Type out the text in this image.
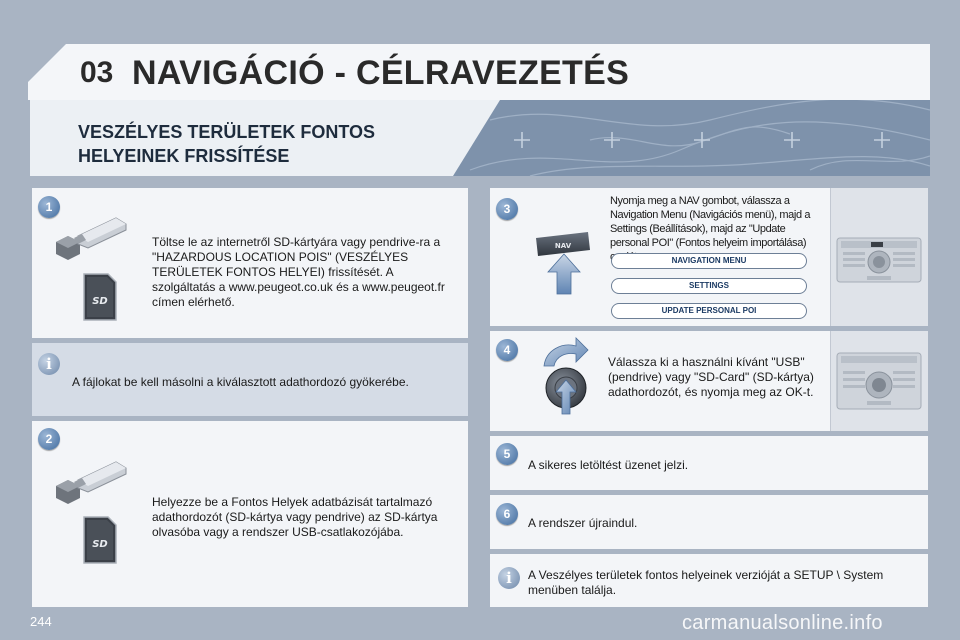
03 NAVIGÁCIÓ - CÉLRAVEZETÉS
VESZÉLYES TERÜLETEK FONTOS
HELYEINEK FRISSÍTÉSE
1
SD
Töltse le az internetről SD-kártyára vagy pendrive-ra a "HAZARDOUS LOCATION POIS" (VESZÉLYES TERÜLETEK FONTOS HELYEI) frissítését. A szolgáltatás a www.peugeot.co.uk és a www.peugeot.fr címen elérhető.
i
A fájlokat be kell másolni a kiválasztott adathordozó gyökerébe.
2
SD
Helyezze be a Fontos Helyek adatbázisát tartalmazó adathordozót (SD-kártya vagy pendrive) az SD-kártya olvasóba vagy a rendszer USB-csatlakozójába.
3
NAV
Nyomja meg a NAV gombot, válassza a Navigation Menu (Navigációs menü), majd a Settings (Beállítások), majd az "Update personal POI" (Fontos helyeim importálása)
NAVIGATION MENU
SETTINGS
UPDATE PERSONAL POI
4
Válassza ki a használni kívánt "USB" (pendrive) vagy "SD-Card" (SD-kártya) adathordozót, és nyomja meg az OK-t.
5
A sikeres letöltést üzenet jelzi.
6
A rendszer újraindul.
i	A Veszélyes területek fontos helyeinek verzióját a SETUP \ System menüben találja.
244	carmanualsonline.info
